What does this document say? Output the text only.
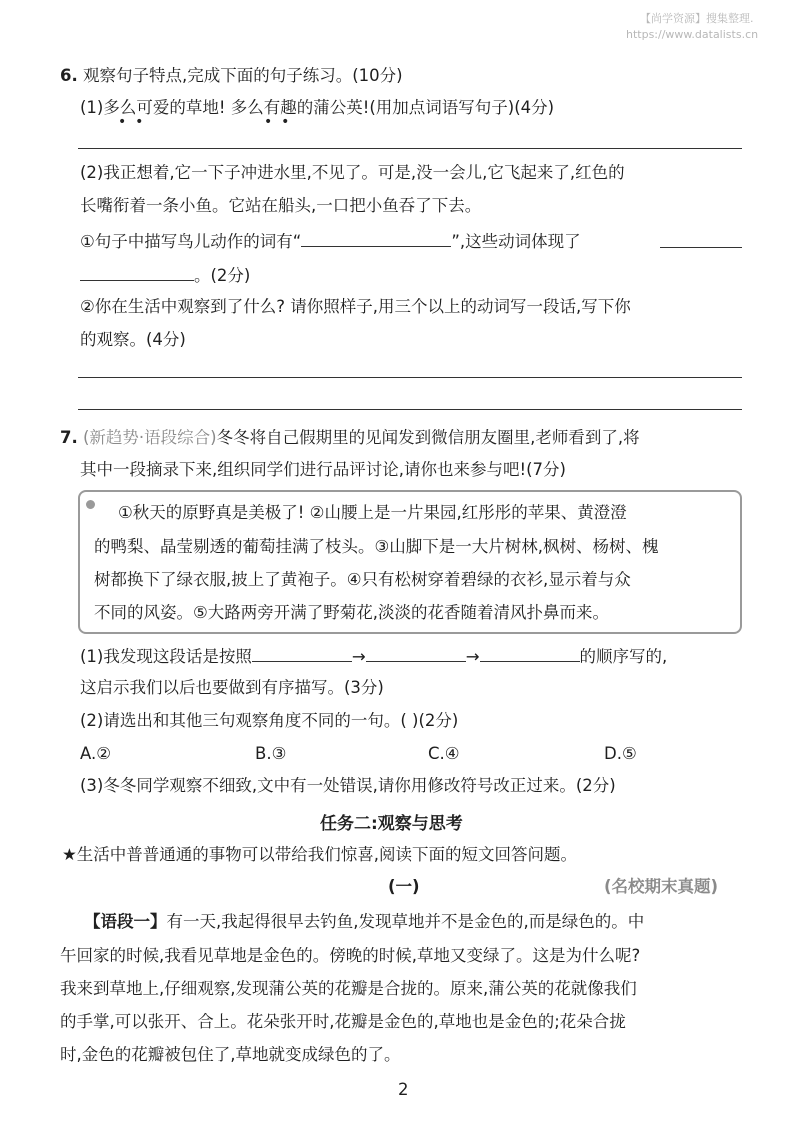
【尚学资源】搜集整理.
https://www.datalists.cn
6. 观察句子特点,完成下面的句子练习。(10分)
(1)多么可爱的草地! 多么有趣的蒲公英!(用加点词语写句子)(4分)
•  •	•  •
(2)我正想着,它一下子冲进水里,不见了。可是,没一会儿,它飞起来了,红色的
长嘴衔着一条小鱼。它站在船头,一口把小鱼吞了下去。
①句子中描写鸟儿动作的词有“	”,这些动词体现了
。(2分)
②你在生活中观察到了什么? 请你照样子,用三个以上的动词写一段话,写下你
的观察。(4分)
7. (新趋势·语段综合)冬冬将自己假期里的见闻发到微信朋友圈里,老师看到了,将
其中一段摘录下来,组织同学们进行品评讨论,请你也来参与吧!(7分)
①秋天的原野真是美极了! ②山腰上是一片果园,红彤彤的苹果、黄澄澄
的鸭梨、晶莹剔透的葡萄挂满了枝头。③山脚下是一大片树林,枫树、杨树、槐
树都换下了绿衣服,披上了黄袍子。④只有松树穿着碧绿的衣衫,显示着与众
不同的风姿。⑤大路两旁开满了野菊花,淡淡的花香随着清风扑鼻而来。
(1)我发现这段话是按照	→	→	的顺序写的,
这启示我们以后也要做到有序描写。(3分)
(2)请选出和其他三句观察角度不同的一句。( )(2分)
A.②	B.③	C.④	D.⑤
(3)冬冬同学观察不细致,文中有一处错误,请你用修改符号改正过来。(2分)
任务二:观察与思考
★生活中普普通通的事物可以带给我们惊喜,阅读下面的短文回答问题。
(一)	(名校期末真题)
【语段一】有一天,我起得很早去钓鱼,发现草地并不是金色的,而是绿色的。中
午回家的时候,我看见草地是金色的。傍晚的时候,草地又变绿了。这是为什么呢?
我来到草地上,仔细观察,发现蒲公英的花瓣是合拢的。原来,蒲公英的花就像我们
的手掌,可以张开、合上。花朵张开时,花瓣是金色的,草地也是金色的;花朵合拢
时,金色的花瓣被包住了,草地就变成绿色的了。
2
